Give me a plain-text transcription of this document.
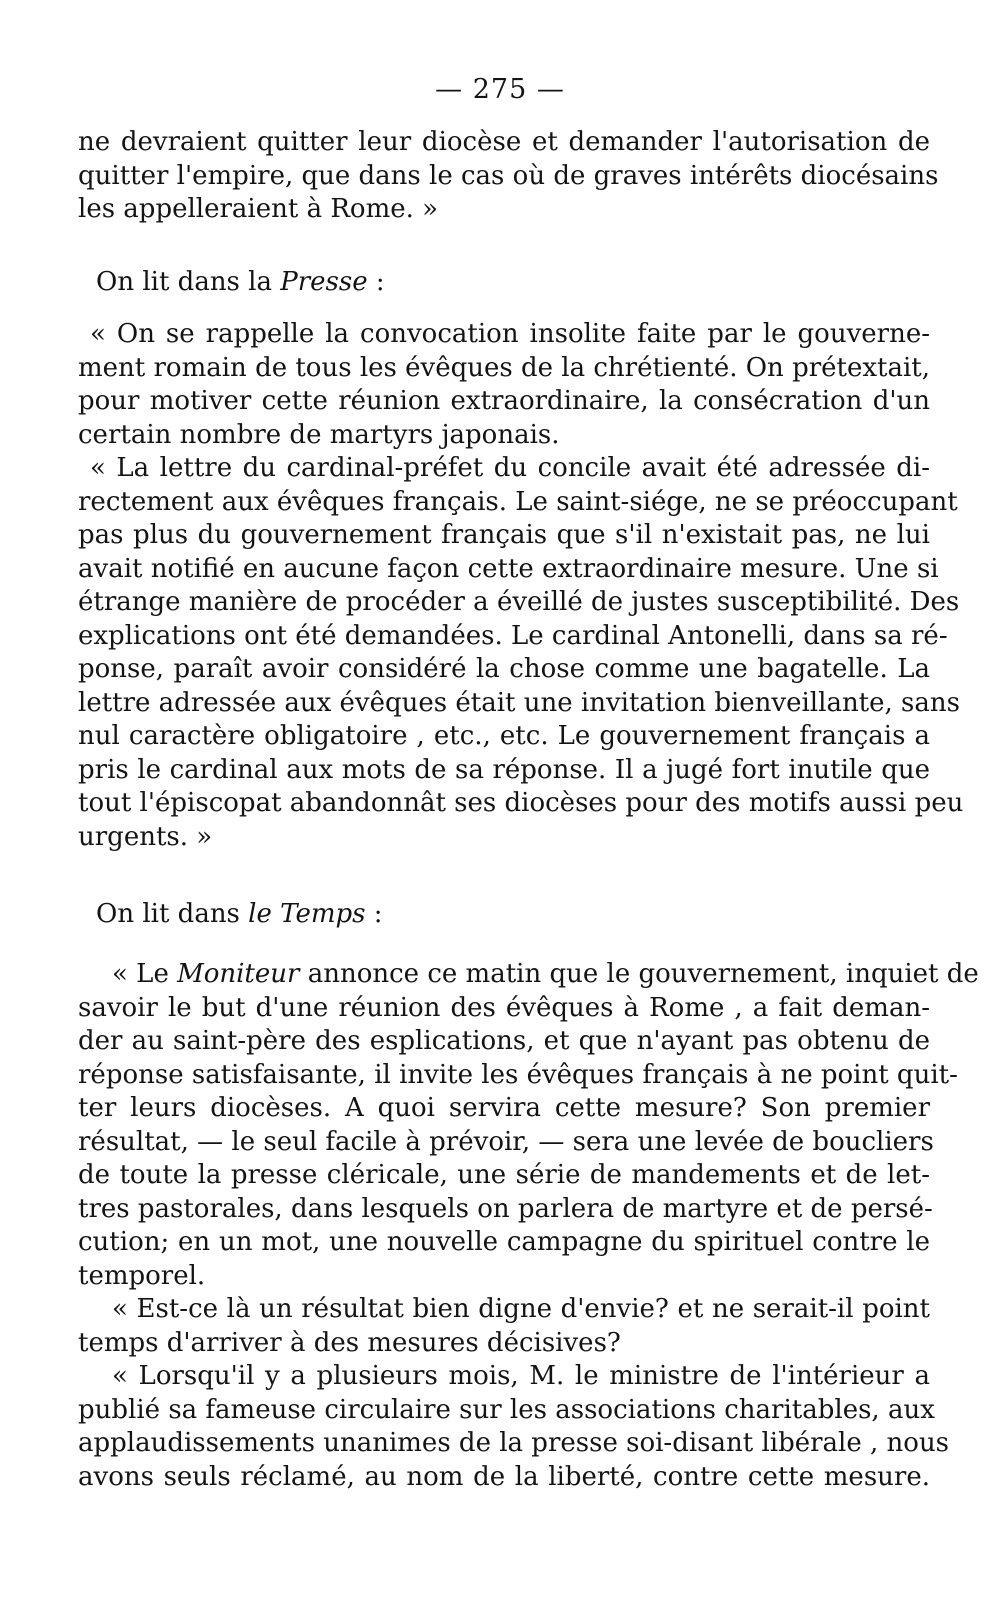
— 275 —
ne devraient quitter leur diocèse et demander l'autorisation de
quitter l'empire, que dans le cas où de graves intérêts diocésains
les appelleraient à Rome. »
On lit dans la Presse :
« On se rappelle la convocation insolite faite par le gouverne-
ment romain de tous les évêques de la chrétienté. On prétextait,
pour motiver cette réunion extraordinaire, la consécration d'un
certain nombre de martyrs japonais.
« La lettre du cardinal-préfet du concile avait été adressée di-
rectement aux évêques français. Le saint-siége, ne se préoccupant
pas plus du gouvernement français que s'il n'existait pas, ne lui
avait notifié en aucune façon cette extraordinaire mesure. Une si
étrange manière de procéder a éveillé de justes susceptibilité. Des
explications ont été demandées. Le cardinal Antonelli, dans sa ré-
ponse, paraît avoir considéré la chose comme une bagatelle. La
lettre adressée aux évêques était une invitation bienveillante, sans
nul caractère obligatoire , etc., etc. Le gouvernement français a
pris le cardinal aux mots de sa réponse. Il a jugé fort inutile que
tout l'épiscopat abandonnât ses diocèses pour des motifs aussi peu
urgents. »
On lit dans le Temps :
« Le Moniteur annonce ce matin que le gouvernement, inquiet de
savoir le but d'une réunion des évêques à Rome , a fait deman-
der au saint-père des esplications, et que n'ayant pas obtenu de
réponse satisfaisante, il invite les évêques français à ne point quit-
ter leurs diocèses. A quoi servira cette mesure? Son premier
résultat, — le seul facile à prévoir, — sera une levée de boucliers
de toute la presse cléricale, une série de mandements et de let-
tres pastorales, dans lesquels on parlera de martyre et de persé-
cution; en un mot, une nouvelle campagne du spirituel contre le
temporel.
« Est-ce là un résultat bien digne d'envie? et ne serait-il point
temps d'arriver à des mesures décisives?
« Lorsqu'il y a plusieurs mois, M. le ministre de l'intérieur a
publié sa fameuse circulaire sur les associations charitables, aux
applaudissements unanimes de la presse soi-disant libérale , nous
avons seuls réclamé, au nom de la liberté, contre cette mesure.
